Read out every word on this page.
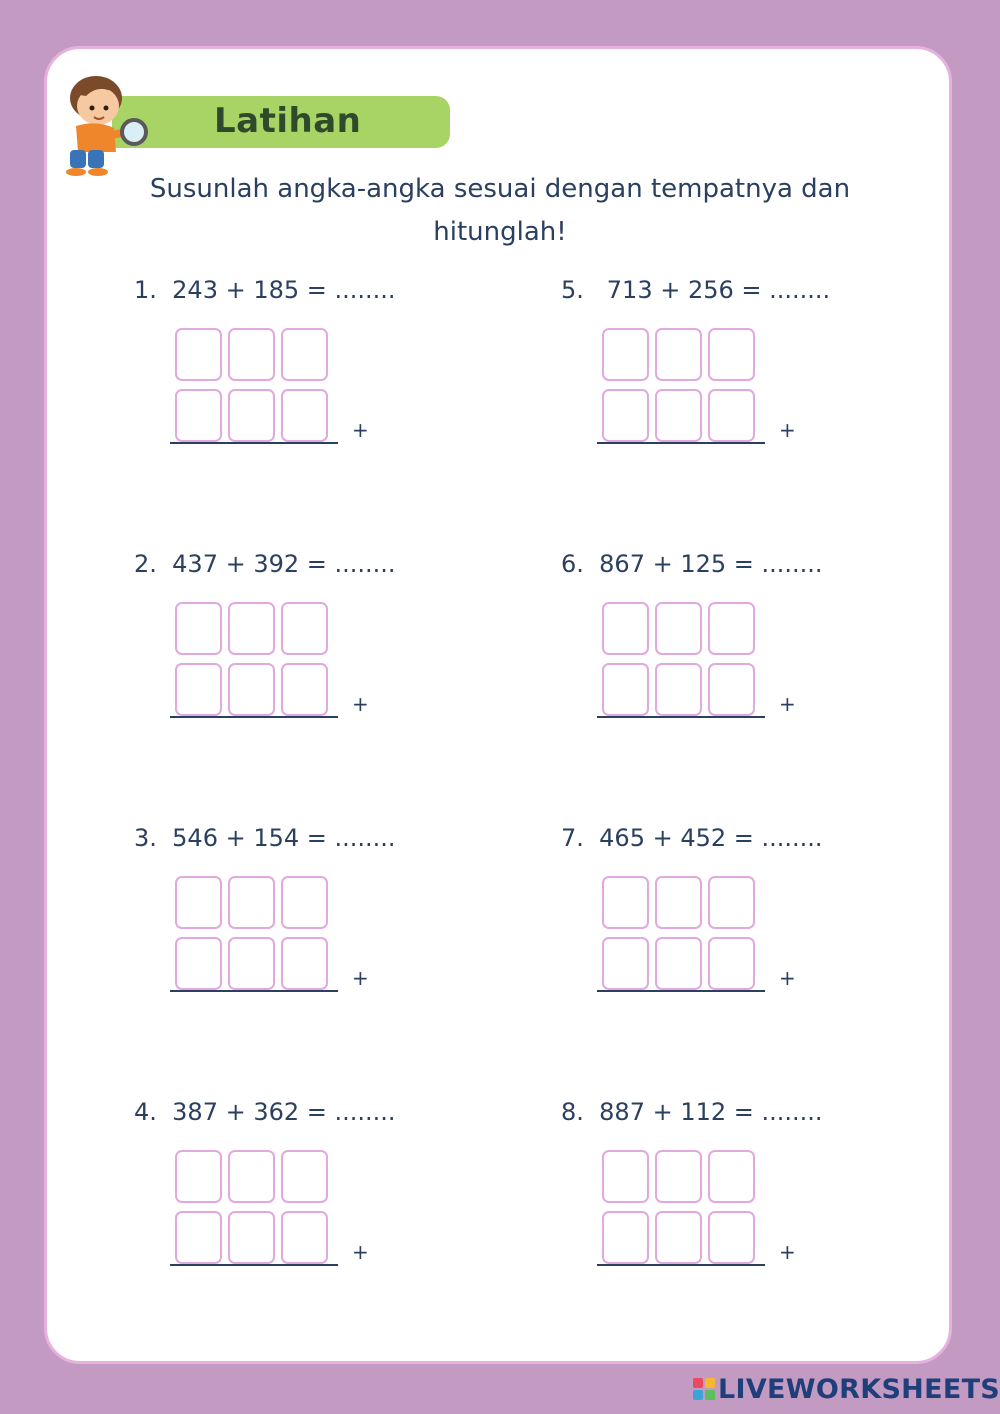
Latihan
Susunlah angka-angka sesuai dengan tempatnya dan hitunglah!
1.  243 + 185 = ........
+
2.  437 + 392 = ........
+
3.  546 + 154 = ........
+
4.  387 + 362 = ........
+
5.   713 + 256 = ........
+
6.  867 + 125 = ........
+
7.  465 + 452 = ........
+
8.  887 + 112 = ........
+
LIVEWORKSHEETS
